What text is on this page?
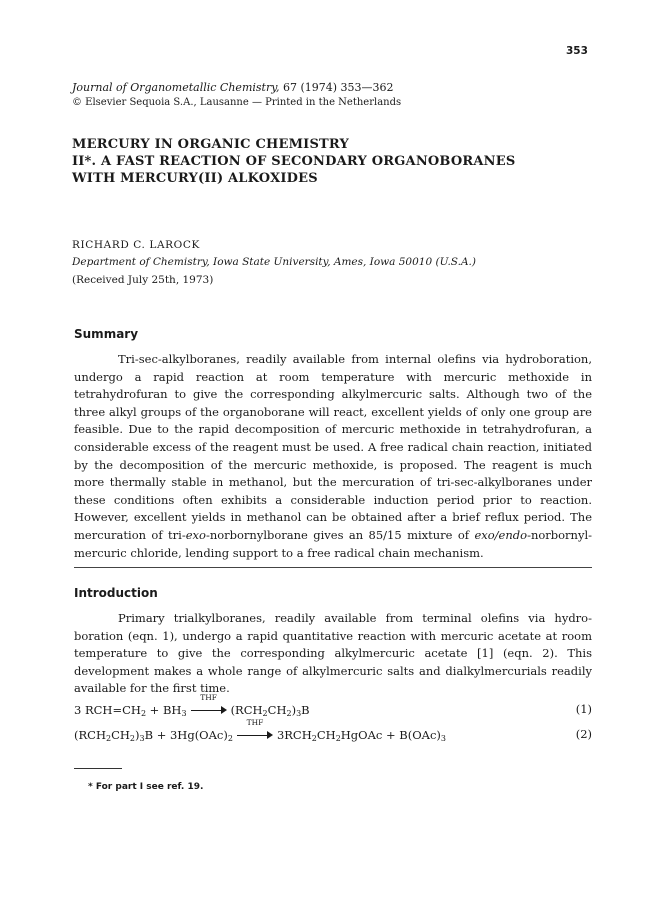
353
Journal of Organometallic Chemistry, 67 (1974) 353—362
© Elsevier Sequoia S.A., Lausanne — Printed in the Netherlands
MERCURY IN ORGANIC CHEMISTRY
II*. A FAST REACTION OF SECONDARY ORGANOBORANES
WITH MERCURY(II) ALKOXIDES
RICHARD C. LAROCK
Department of Chemistry, Iowa State University, Ames, Iowa 50010 (U.S.A.)
(Received July 25th, 1973)
Summary

Tri-sec-alkylboranes, readily available from internal olefins via hydroboration, undergo a rapid reaction at room temperature with mercuric methoxide in tetrahydrofuran to give the corresponding alkylmercuric salts. Although two of the three alkyl groups of the organoborane will react, excellent yields of only one group are feasible. Due to the rapid decomposition of mercuric methoxide in tetrahydrofuran, a considerable excess of the reagent must be used. A free radical chain reaction, initiated by the decomposition of the mercuric methoxide, is proposed. The reagent is much more thermally stable in methanol, but the mercuration of tri-sec-alkylboranes under these conditions often exhibits a considerable induction period prior to reaction. However, excellent yields in methanol can be obtained after a brief reflux period. The mercuration of tri-exo-norbornylborane gives an 85/15 mixture of exo/endo-norbornylmercuric chloride, lending support to a free radical chain mechanism.

Introduction

Primary trialkylboranes, readily available from terminal olefins via hydroboration (eqn. 1), undergo a rapid quantitative reaction with mercuric acetate at room temperature to give the corresponding alkylmercuric acetate [1] (eqn. 2). This development makes a whole range of alkylmercuric salts and dialkylmercurials readily available for the first time.

3 $RCH=CH_2 + BH_3$
THF
$(RCH_2CH_2)_3B$	(1)
$(RCH_2CH_2)_3B + 3Hg(OAc)_2$
THF
$3RCH_2CH_2HgOAc + B(OAc)_3$	(2)
* For part I see ref. 19.
